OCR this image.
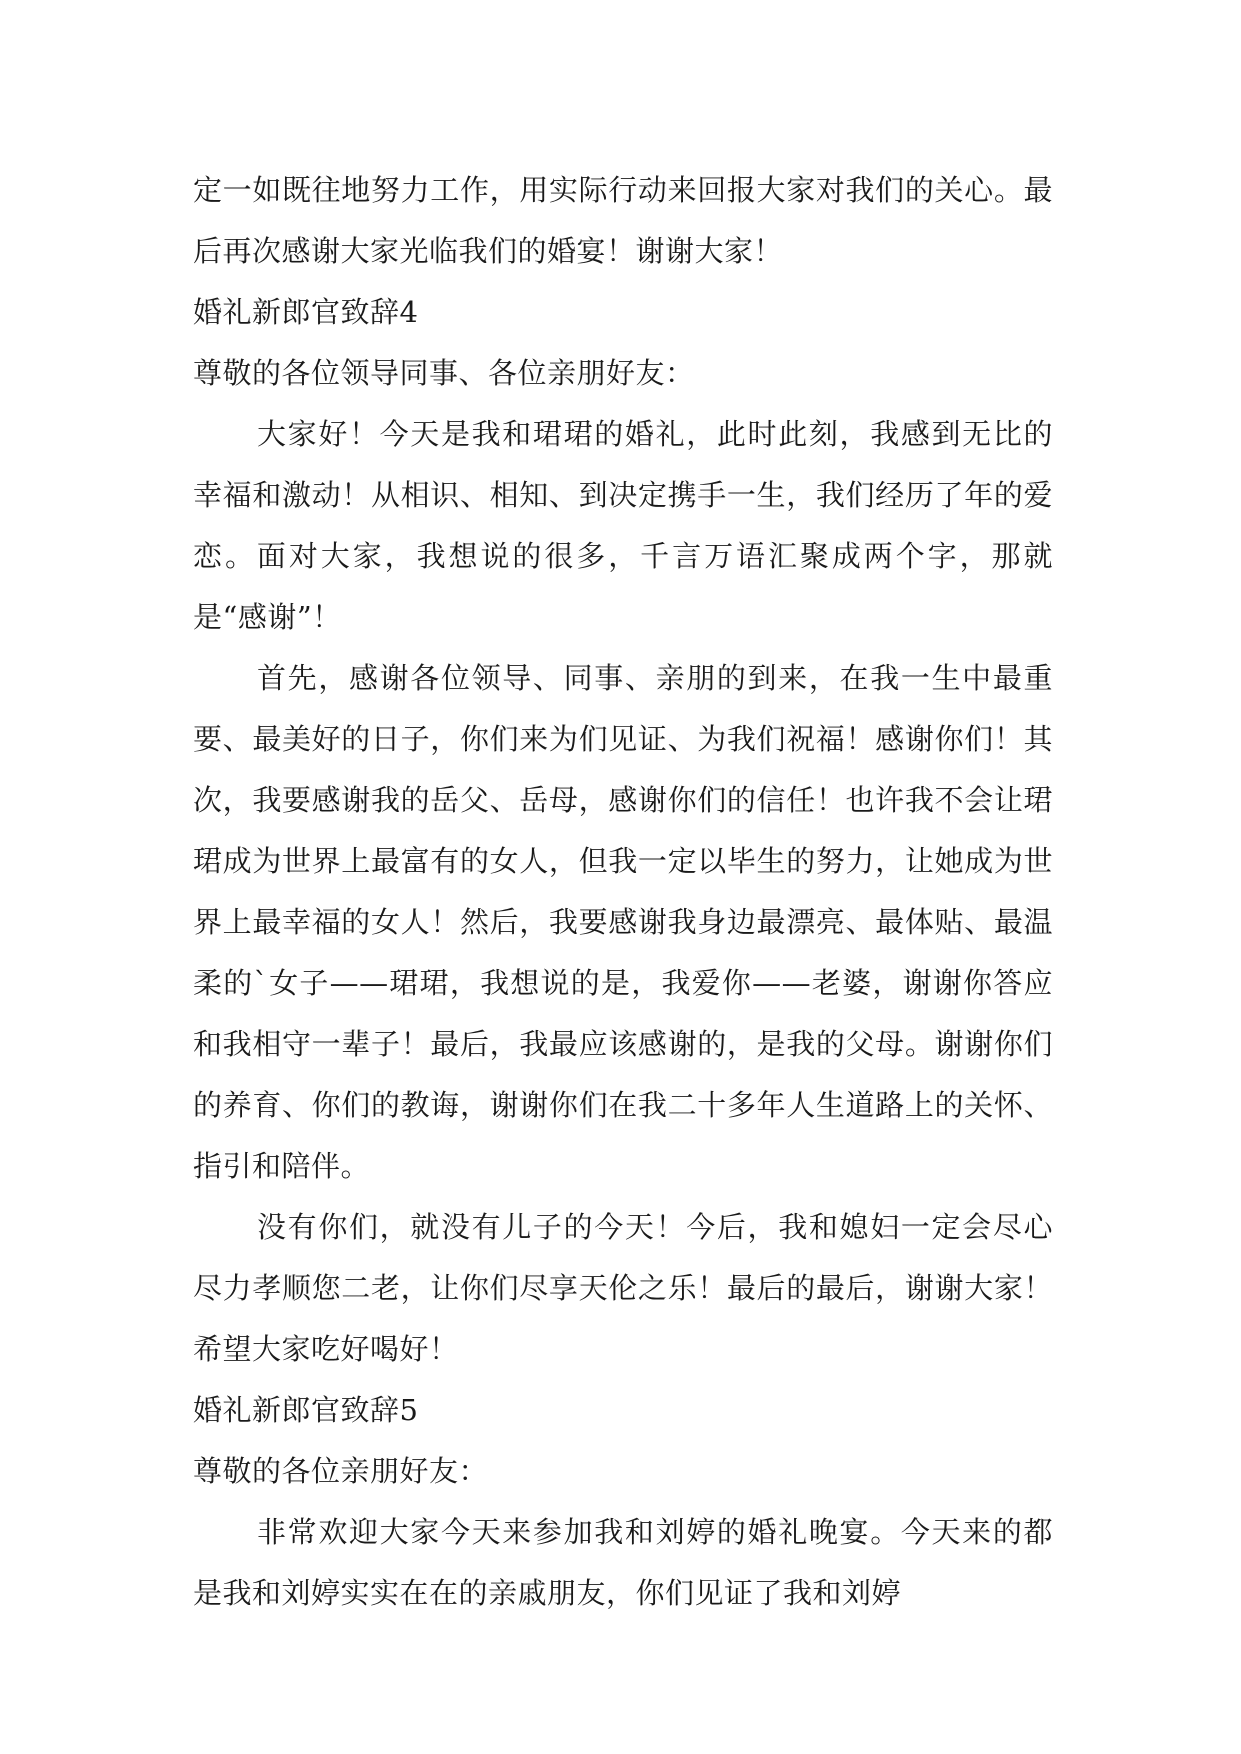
定一如既往地努力工作，用实际行动来回报大家对我们的关心。最后再次感谢大家光临我们的婚宴！谢谢大家！

婚礼新郎官致辞4

尊敬的各位领导同事、各位亲朋好友：

大家好！今天是我和珺珺的婚礼，此时此刻，我感到无比的幸福和激动！从相识、相知、到决定携手一生，我们经历了年的爱恋。面对大家，我想说的很多，千言万语汇聚成两个字，那就是“感谢”！

首先，感谢各位领导、同事、亲朋的到来，在我一生中最重要、最美好的日子，你们来为们见证、为我们祝福！感谢你们！其次，我要感谢我的岳父、岳母，感谢你们的信任！也许我不会让珺珺成为世界上最富有的女人，但我一定以毕生的努力，让她成为世界上最幸福的女人！然后，我要感谢我身边最漂亮、最体贴、最温柔的`女子——珺珺，我想说的是，我爱你——老婆，谢谢你答应和我相守一辈子！最后，我最应该感谢的，是我的父母。谢谢你们的养育、你们的教诲，谢谢你们在我二十多年人生道路上的关怀、指引和陪伴。

没有你们，就没有儿子的今天！今后，我和媳妇一定会尽心尽力孝顺您二老，让你们尽享天伦之乐！最后的最后，谢谢大家！希望大家吃好喝好！

婚礼新郎官致辞5

尊敬的各位亲朋好友：

非常欢迎大家今天来参加我和刘婷的婚礼晚宴。今天来的都是我和刘婷实实在在的亲戚朋友，你们见证了我和刘婷
